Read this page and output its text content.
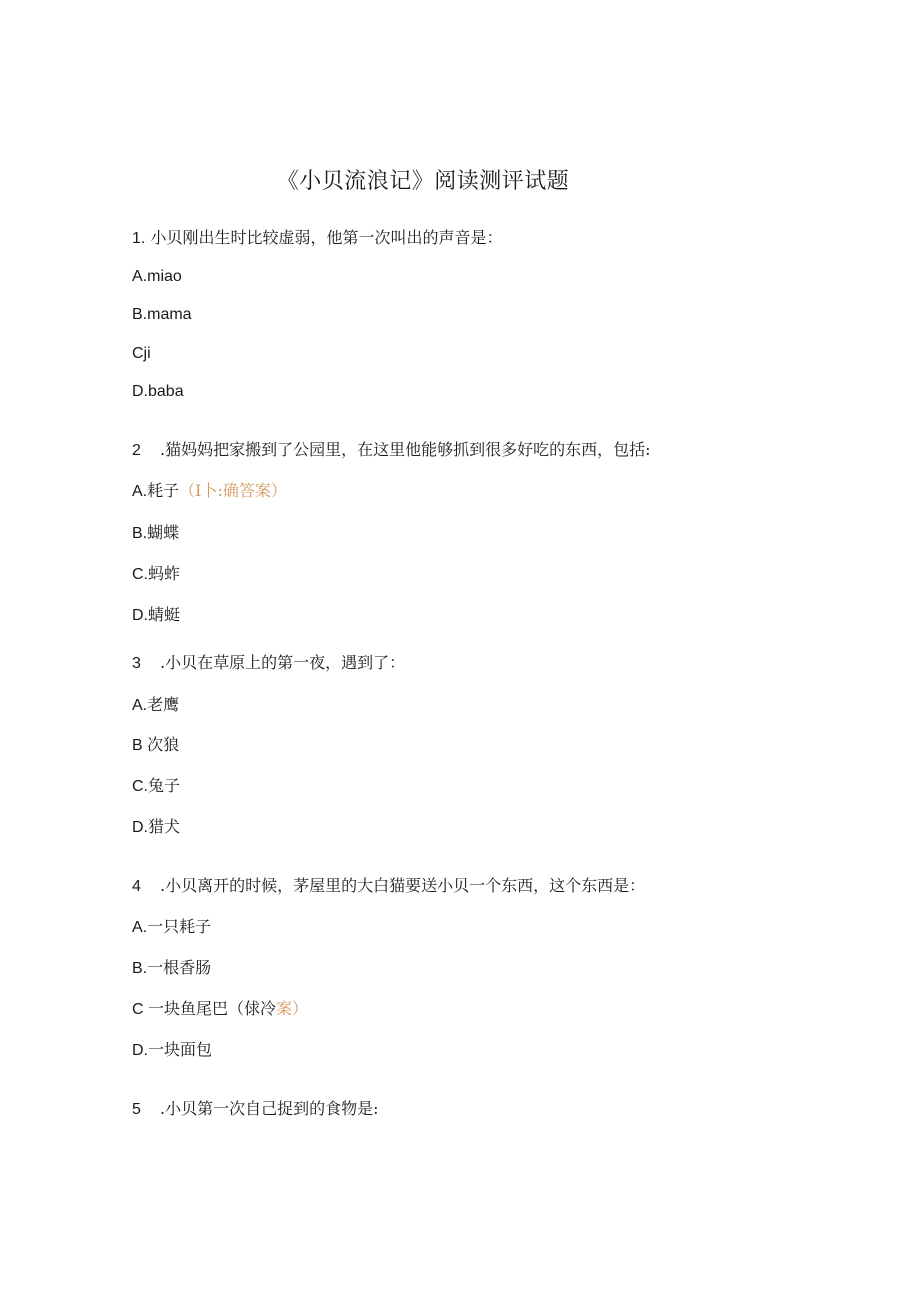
《小贝流浪记》阅读测评试题
1. 小贝刚出生时比较虚弱，他第一次叫出的声音是：
A.miao
B.mama
Cji
D.baba
2 .猫妈妈把家搬到了公园里，在这里他能够抓到很多好吃的东西，包括:
A.耗子（I卜:确答案）
B.蝴蝶
C.蚂蚱
D.蜻蜓
3 .小贝在草原上的第一夜，遇到了：
A.老鹰
B 次狼
C.兔子
D.猎犬
4 .小贝离开的时候，茅屋里的大白猫要送小贝一个东西，这个东西是：
A.一只耗子
B.一根香肠
C 一块鱼尾巴（俅冷案）
D.一块面包
5 .小贝第一次自己捉到的食物是:
